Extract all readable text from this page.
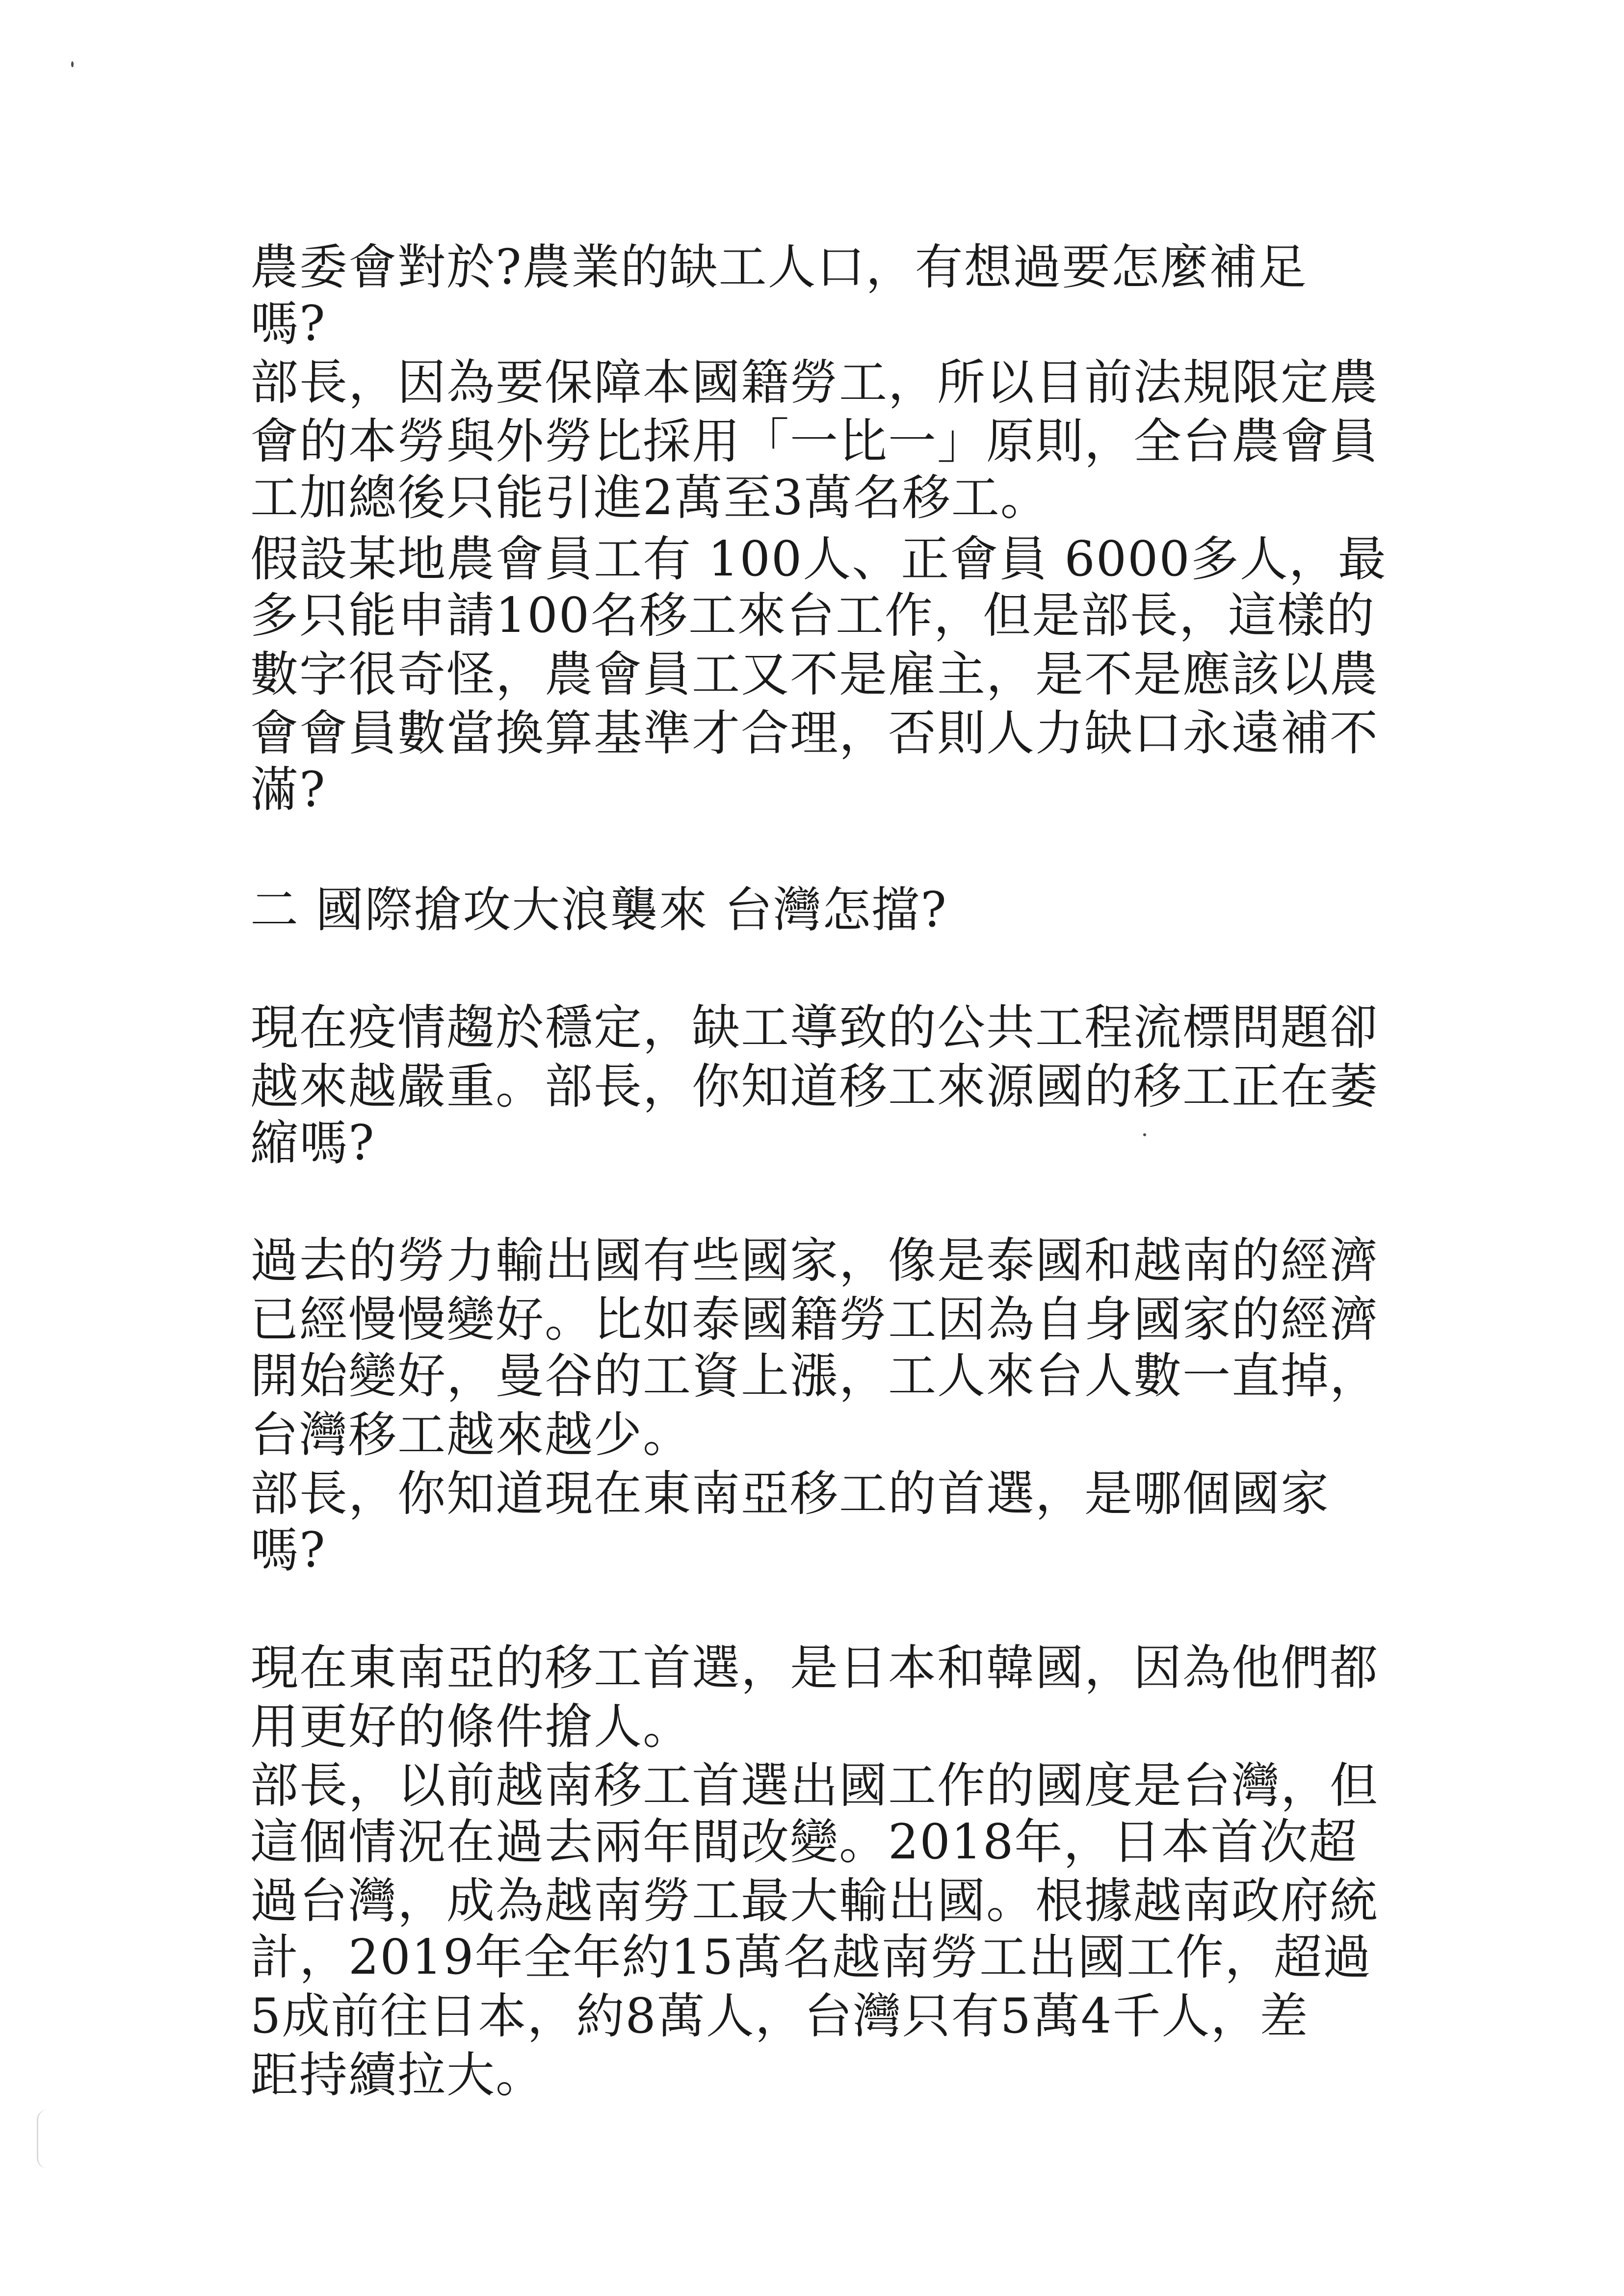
農委會對於?農業的缺工人口，有想過要怎麼補足
嗎?
部長，因為要保障本國籍勞工，所以目前法規限定農
會的本勞與外勞比採用「一比一」原則，全台農會員
工加總後只能引進2萬至3萬名移工。
假設某地農會員工有 100人、正會員 6000多人，最
多只能申請100名移工來台工作，但是部長，這樣的
數字很奇怪，農會員工又不是雇主，是不是應該以農
會會員數當換算基準才合理，否則人力缺口永遠補不
滿?
二 國際搶攻大浪襲來 台灣怎擋?
現在疫情趨於穩定，缺工導致的公共工程流標問題卻
越來越嚴重。部長，你知道移工來源國的移工正在萎
縮嗎?
過去的勞力輸出國有些國家，像是泰國和越南的經濟
已經慢慢變好。比如泰國籍勞工因為自身國家的經濟
開始變好，曼谷的工資上漲，工人來台人數一直掉，
台灣移工越來越少。
部長，你知道現在東南亞移工的首選，是哪個國家
嗎?
現在東南亞的移工首選，是日本和韓國，因為他們都
用更好的條件搶人。
部長，以前越南移工首選出國工作的國度是台灣，但
這個情況在過去兩年間改變。2018年，日本首次超
過台灣，成為越南勞工最大輸出國。根據越南政府統
計，2019年全年約15萬名越南勞工出國工作，超過
5成前往日本，約8萬人，台灣只有5萬4千人，差
距持續拉大。
